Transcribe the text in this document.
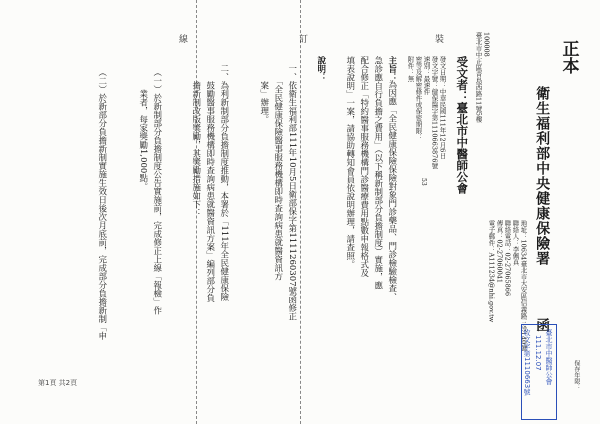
線	訂	裝
正本
衛生福利部中央健康保險署
函
保存年限：
地址：10634臺北市大安區信義路三段140號
聯絡人：李佩真
聯絡電話：02-27065866
傳真：02-27060041
電子郵件：A111234@nhi.gov.tw
100008
臺北市中正區青島西路11號5樓
受文者：臺北市中醫師公會
發文日期：中華民國111年12月6日
發文字號：健保醫字第1110663876號
速別：最速件
密等及解密條件或保密期限：
附件：無
53
主旨：
為因應「全民健康保險保險對象門診藥品、門診檢驗檢查、
急診應自行負擔之費用」（以下稱新制部分負擔制度）實施，應
配合修正「特約醫事服務機構門診醫療費用點數申報格式及
填表說明」一案，請協助轉知會員依說明辦理，請查照。
說明：
一、依衛生福利部111年10月5日衛部保字第1111260307號函修正
　　「全民健康保險醫事服務機構即時查詢病患就醫資訊方
　　案」辦理。
二、為利新制部分負擔制度推動，本署於「111年全民健康保險
　　鼓勵醫事服務機構即時查詢病患就醫資訊方案」編列部分負
　　擔新制改版獎勵，其獎勵措施如下：
　（一）於新制部分負擔制度公告實施前，完成修正上線「報檢」作
　　　業者，每家獎勵1,000點。
　（二）於新部分負擔新制實施生效日後次月底前，完成部分負擔新制「申
臺北市中醫師公會
111.12.07
收文字第1110663號
第1頁 共2頁
